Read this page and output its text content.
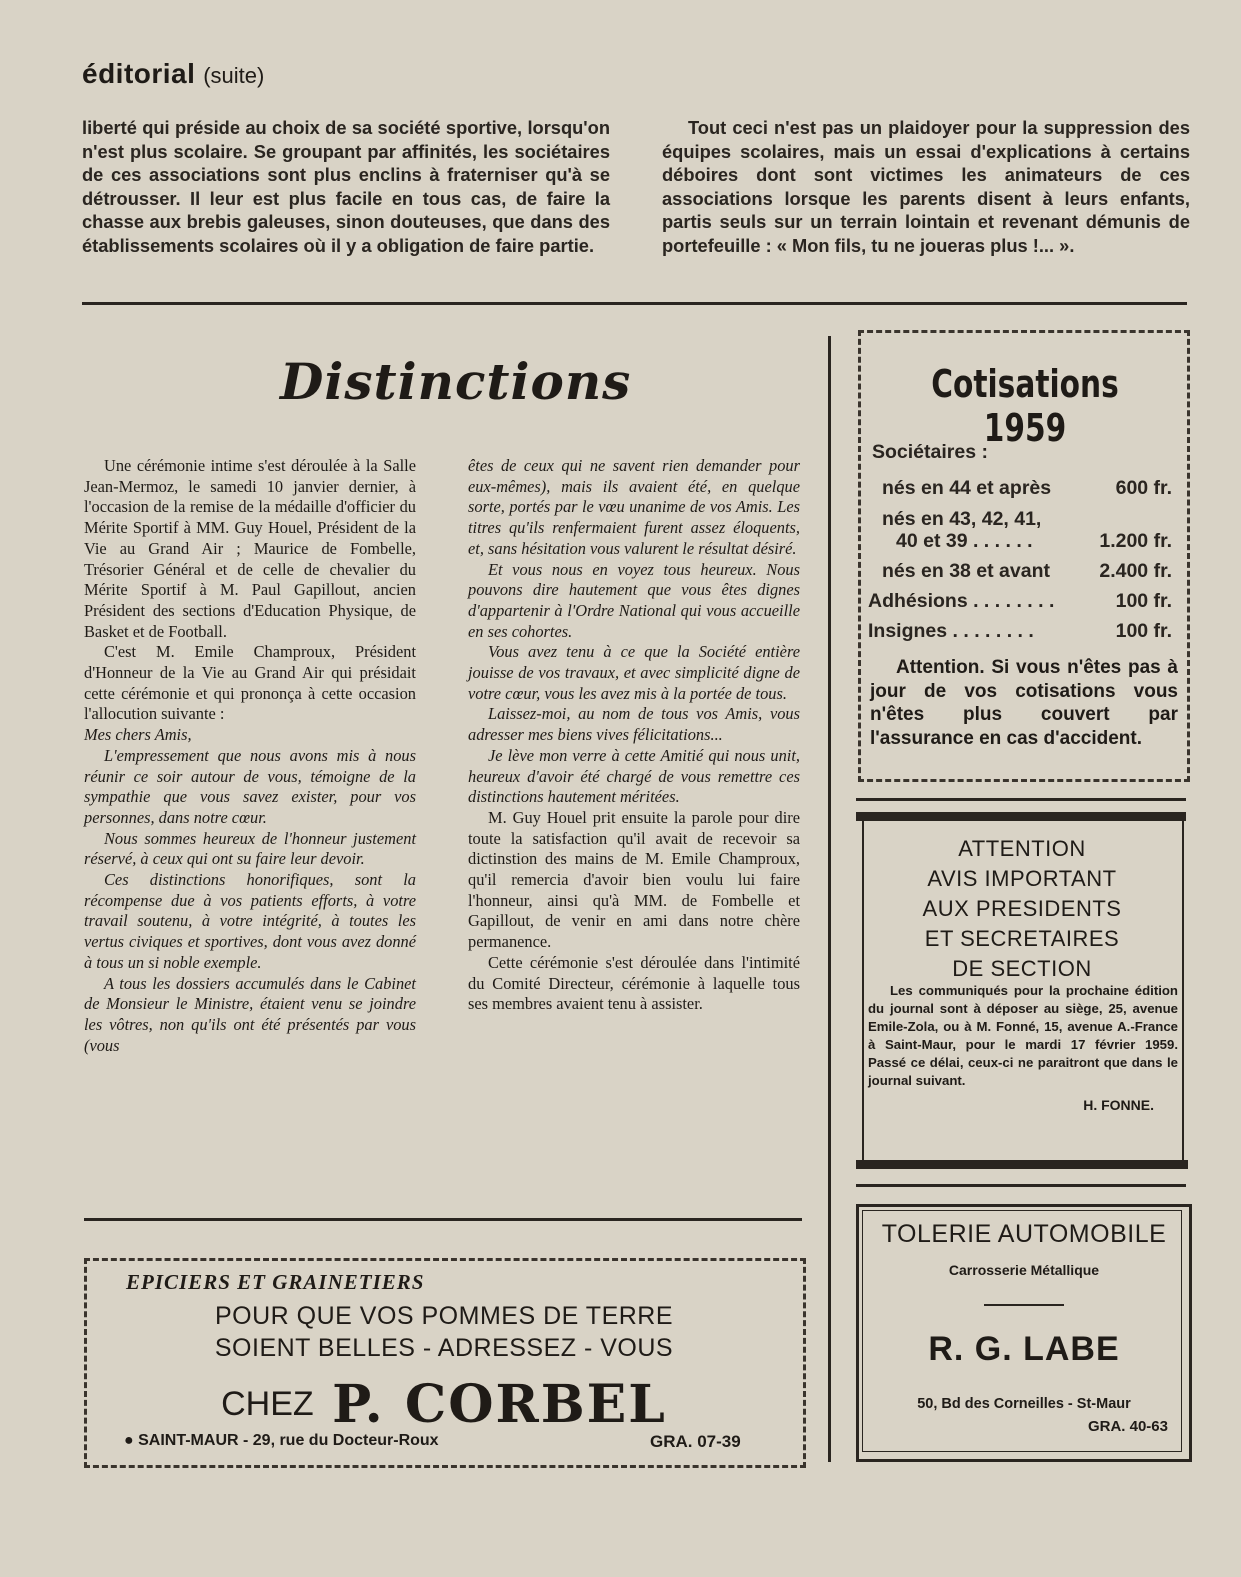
éditorial (suite)

liberté qui préside au choix de sa société sportive, lorsqu'on n'est plus scolaire. Se groupant par affinités, les sociétaires de ces associations sont plus enclins à fraterniser qu'à se détrousser. Il leur est plus facile en tous cas, de faire la chasse aux brebis galeuses, sinon douteuses, que dans des établissements scolaires où il y a obligation de faire partie.

Tout ceci n'est pas un plaidoyer pour la suppression des équipes scolaires, mais un essai d'explications à certains déboires dont sont victimes les animateurs de ces associations lorsque les parents disent à leurs enfants, partis seuls sur un terrain lointain et revenant démunis de portefeuille : « Mon fils, tu ne joueras plus !... ».

Distinctions

Une cérémonie intime s'est déroulée à la Salle Jean-Mermoz, le samedi 10 janvier dernier, à l'occasion de la remise de la médaille d'officier du Mérite Sportif à MM. Guy Houel, Président de la Vie au Grand Air ; Maurice de Fombelle, Trésorier Général et de celle de chevalier du Mérite Sportif à M. Paul Gapillout, ancien Président des sections d'Education Physique, de Basket et de Football.

C'est M. Emile Champroux, Président d'Honneur de la Vie au Grand Air qui présidait cette cérémonie et qui prononça à cette occasion l'allocution suivante :

Mes chers Amis,

L'empressement que nous avons mis à nous réunir ce soir autour de vous, témoigne de la sympathie que vous savez exister, pour vos personnes, dans notre cœur.

Nous sommes heureux de l'honneur justement réservé, à ceux qui ont su faire leur devoir.

Ces distinctions honorifiques, sont la récompense due à vos patients efforts, à votre travail soutenu, à votre intégrité, à toutes les vertus civiques et sportives, dont vous avez donné à tous un si noble exemple.

A tous les dossiers accumulés dans le Cabinet de Monsieur le Ministre, étaient venu se joindre les vôtres, non qu'ils ont été présentés par vous (vous

êtes de ceux qui ne savent rien demander pour eux-mêmes), mais ils avaient été, en quelque sorte, portés par le vœu unanime de vos Amis. Les titres qu'ils renfermaient furent assez éloquents, et, sans hésitation vous valurent le résultat désiré.

Et vous nous en voyez tous heureux. Nous pouvons dire hautement que vous êtes dignes d'appartenir à l'Ordre National qui vous accueille en ses cohortes.

Vous avez tenu à ce que la Société entière jouisse de vos travaux, et avec simplicité digne de votre cœur, vous les avez mis à la portée de tous.

Laissez-moi, au nom de tous vos Amis, vous adresser mes biens vives félicitations...

Je lève mon verre à cette Amitié qui nous unit, heureux d'avoir été chargé de vous remettre ces distinctions hautement méritées.

M. Guy Houel prit ensuite la parole pour dire toute la satisfaction qu'il avait de recevoir sa dictinstion des mains de M. Emile Champroux, qu'il remercia d'avoir bien voulu lui faire l'honneur, ainsi qu'à MM. de Fombelle et Gapillout, de venir en ami dans notre chère permanence.

Cette cérémonie s'est déroulée dans l'intimité du Comité Directeur, cérémonie à laquelle tous ses membres avaient tenu à assister.

Cotisations 1959
Sociétaires :
nés en 44 et après	600 fr.
nés en 43, 42, 41,
40 et 39 . . . . . .	1.200 fr.
nés en 38 et avant	2.400 fr.
Adhésions . . . . . . . .	100 fr.
Insignes . . . . . . . .	100 fr.

Attention. Si vous n'êtes pas à jour de vos cotisations vous n'êtes plus couvert par l'assurance en cas d'accident.

ATTENTION
AVIS IMPORTANT
AUX PRESIDENTS
ET SECRETAIRES
DE SECTION

Les communiqués pour la prochaine édition du journal sont à déposer au siège, 25, avenue Emile-Zola, ou à M. Fonné, 15, avenue A.-France à Saint-Maur, pour le mardi 17 février 1959. Passé ce délai, ceux-ci ne paraitront que dans le journal suivant.

H. FONNE.
EPICIERS ET GRAINETIERS
POUR QUE VOS POMMES DE TERRE
SOIENT BELLES - ADRESSEZ - VOUS
CHEZ P. CORBEL
● SAINT-MAUR - 29, rue du Docteur-Roux	GRA. 07-39
TOLERIE AUTOMOBILE
Carrosserie Métallique
R. G. LABE
50, Bd des Corneilles - St-Maur
GRA. 40-63
